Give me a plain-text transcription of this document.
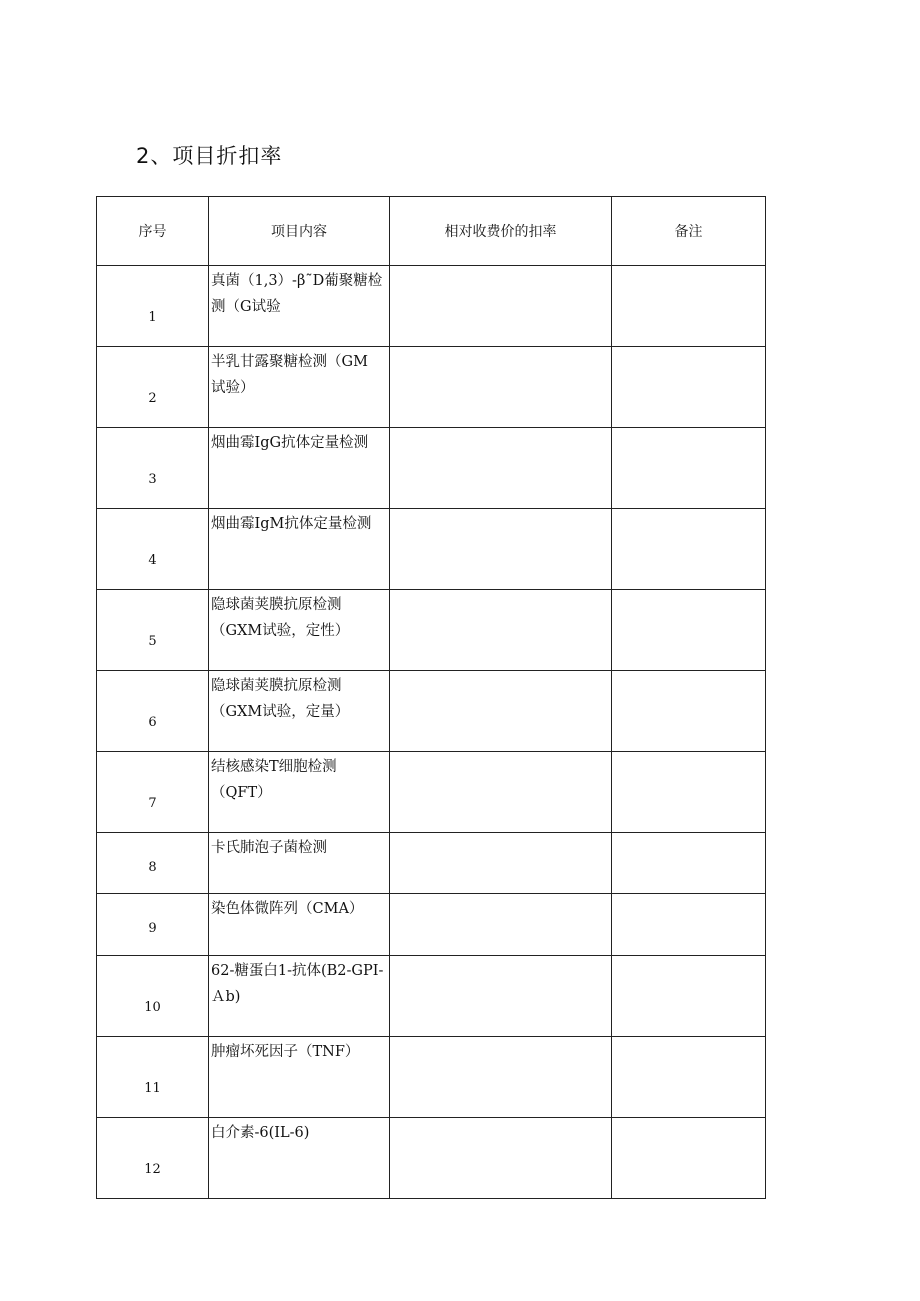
2、项目折扣率
序号	项目内容	相对收费价的扣率	备注
1	真菌（1,3）-β˜D葡聚糖检测（G试验		
2	半乳甘露聚糖检测（GM 试验）		
3	烟曲霉IgG抗体定量检测		
4	烟曲霉IgM抗体定量检测		
5	隐球菌荚膜抗原检测（GXM试验，定性）		
6	隐球菌荚膜抗原检测（GXM试验，定量）		
7	结核感染T细胞检测（QFT）		
8	卡氏肺泡子菌检测		
9	染色体微阵列（CMA）		
10	62-糖蛋白1-抗体(B2-GPI-Ａb)		
11	肿瘤坏死因子（TNF）		
12	白介素-6(IL-6)		
